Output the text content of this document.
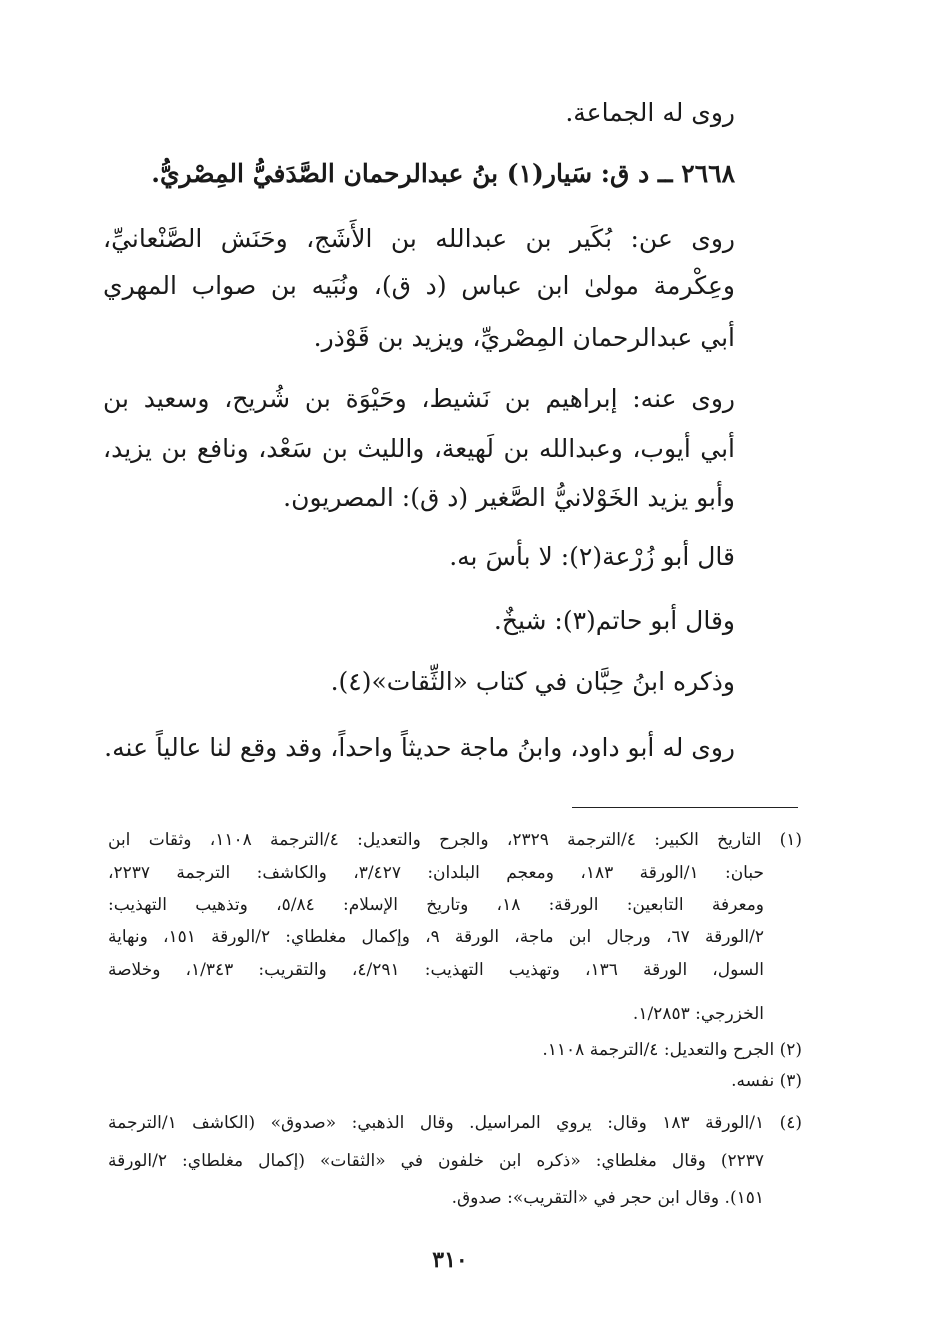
روى له الجماعة.
٢٦٦٨ ــ د ق: سَيار(١) بنُ عبدالرحمان الصَّدَفيُّ المِصْريُّ.
روى عن: بُكَير بن عبدالله بن الأَشَج، وحَنَش الصَّنْعانيِّ،
وعِكْرمة مولىٰ ابن عباس (د ق)، ونُبَيه بن صواب المهري
أبي عبدالرحمان المِصْريِّ، ويزيد بن قَوْذر.
روى عنه: إبراهيم بن نَشيط، وحَيْوَة بن شُريح، وسعيد بن
أبي أيوب، وعبدالله بن لَهيعة، والليث بن سَعْد، ونافع بن يزيد،
وأبو يزيد الخَوْلانيُّ الصَّغير (د ق): المصريون.
قال أبو زُرْعة(٢): لا بأسَ به.
وقال أبو حاتم(٣): شيخٌ.
وذكره ابنُ حِبَّان في كتاب «الثِّقات»(٤).
روى له أبو داود، وابنُ ماجة حديثاً واحداً، وقد وقع لنا عالياً عنه.
(١) التاريخ الكبير: ٤/الترجمة ٢٣٢٩، والجرح والتعديل: ٤/الترجمة ١١٠٨، وثقات ابن
حبان: ١/الورقة ١٨٣، ومعجم البلدان: ٣/٤٢٧، والكاشف: الترجمة ٢٢٣٧،
ومعرفة التابعين: الورقة: ١٨، وتاريخ الإسلام: ٥/٨٤، وتذهيب التهذيب:
٢/الورقة ٦٧، ورجال ابن ماجة، الورقة ٩، وإكمال مغلطاي: ٢/الورقة ١٥١، ونهاية
السول، الورقة ١٣٦، وتهذيب التهذيب: ٤/٢٩١، والتقريب: ١/٣٤٣، وخلاصة
الخزرجي: ١/٢٨٥٣.
(٢) الجرح والتعديل: ٤/الترجمة ١١٠٨.
(٣) نفسه.
(٤) ١/الورقة ١٨٣ وقال: يروي المراسيل. وقال الذهبي: «صدوق» (الكاشف ١/الترجمة
٢٢٣٧) وقال مغلطاي: «ذكره ابن خلفون في «الثقات» (إكمال مغلطاي: ٢/الورقة
١٥١). وقال ابن حجر في «التقريب»: صدوق.
٣١٠
